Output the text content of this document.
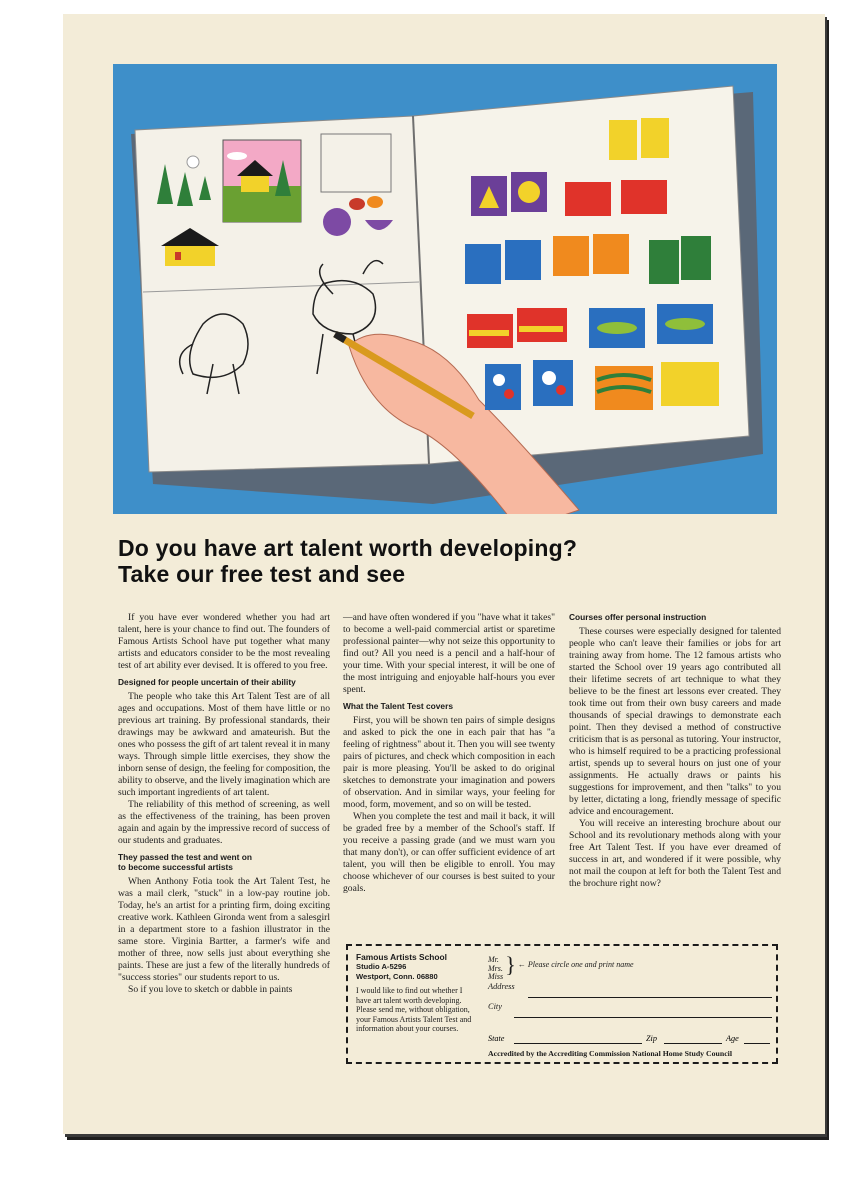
Do you have art talent worth developing?
Take our free test and see

If you have ever wondered whether you had art talent, here is your chance to find out. The founders of Famous Artists School have put together what many artists and educators consider to be the most revealing test of art ability ever devised. It is offered to you free.

Designed for people uncertain of their ability

The people who take this Art Talent Test are of all ages and occupations. Most of them have little or no previous art training. By professional standards, their drawings may be awkward and amateurish. But the ones who possess the gift of art talent reveal it in many ways. Through simple little exercises, they show the inborn sense of design, the feeling for composition, the ability to observe, and the lively imagination which are such important ingredients of art talent.

The reliability of this method of screening, as well as the effectiveness of the training, has been proven again and again by the impressive record of success of our students and graduates.

They passed the test and went on
to become successful artists

When Anthony Fotia took the Art Talent Test, he was a mail clerk, "stuck" in a low-pay routine job. Today, he's an artist for a printing firm, doing exciting creative work. Kathleen Gironda went from a salesgirl in a department store to a fashion illustrator in the same store. Virginia Bartter, a farmer's wife and mother of three, now sells just about everything she paints. These are just a few of the literally hundreds of "success stories" our students report to us.

So if you love to sketch or dabble in paints

—and have often wondered if you "have what it takes" to become a well-paid commercial artist or sparetime professional painter—why not seize this opportunity to find out? All you need is a pencil and a half-hour of your time. With your special interest, it will be one of the most intriguing and enjoyable half-hours you ever spent.

What the Talent Test covers

First, you will be shown ten pairs of simple designs and asked to pick the one in each pair that has "a feeling of rightness" about it. Then you will see twenty pairs of pictures, and check which composition in each pair is more pleasing. You'll be asked to do original sketches to demonstrate your imagination and powers of observation. And in similar ways, your feeling for mood, form, movement, and so on will be tested.

When you complete the test and mail it back, it will be graded free by a member of the School's staff. If you receive a passing grade (and we must warn you that many don't), or can offer sufficient evidence of art talent, you will then be eligible to enroll. You may choose whichever of our courses is best suited to your goals.

Courses offer personal instruction

These courses were especially designed for talented people who can't leave their families or jobs for art training away from home. The 12 famous artists who started the School over 19 years ago contributed all their lifetime secrets of art technique to what they believe to be the finest art lessons ever created. They took time out from their own busy careers and made thousands of special drawings to demonstrate each point. Then they devised a method of constructive criticism that is as personal as tutoring. Your instructor, who is himself required to be a practicing professional artist, spends up to several hours on just one of your assignments. He actually draws or paints his suggestions for improvement, and then "talks" to you by letter, dictating a long, friendly message of specific advice and encouragement.

You will receive an interesting brochure about our School and its revolutionary methods along with your free Art Talent Test. If you have ever dreamed of success in art, and wondered if it were possible, why not mail the coupon at left for both the Talent Test and the brochure right now?

Famous Artists School
Studio A-5296
Westport, Conn. 06880
I would like to find out whether I have art talent worth developing. Please send me, without obligation, your Famous Artists Talent Test and information about your courses.
Mr.
Mrs.
Miss } ← Please circle one and print name
Address
City
State	Zip	Age
Accredited by the Accrediting Commission National Home Study Council
